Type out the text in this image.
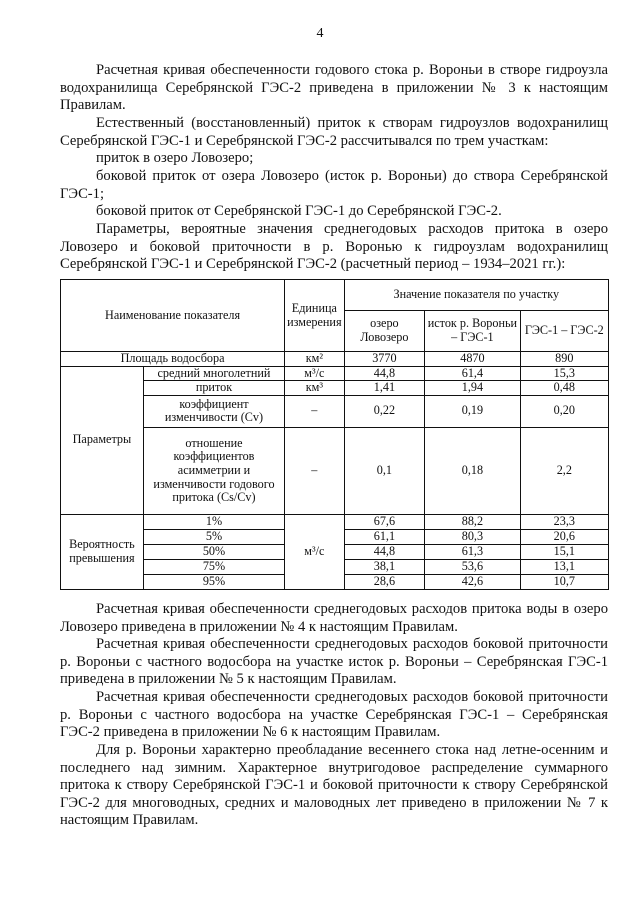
4

Расчетная кривая обеспеченности годового стока р. Вороньи в створе гидроузла водохранилища Серебрянской ГЭС-2 приведена в приложении № 3 к настоящим Правилам.

Естественный (восстановленный) приток к створам гидроузлов водохранилищ Серебрянской ГЭС-1 и Серебрянской ГЭС-2 рассчитывался по трем участкам:

приток в озеро Ловозеро;

боковой приток от озера Ловозеро (исток р. Вороньи) до створа Серебрянской ГЭС-1;

боковой приток от Серебрянской ГЭС-1 до Серебрянской ГЭС-2.

Параметры, вероятные значения среднегодовых расходов притока в озеро Ловозеро и боковой приточности в р. Воронью к гидроузлам водохранилищ Серебрянской ГЭС-1 и Серебрянской ГЭС-2 (расчетный период – 1934–2021 гг.):

Наименование показателя		Единица измерения	Значение показателя по участку		
			озеро Ловозеро	исток р. Вороньи – ГЭС-1	ГЭС-1 – ГЭС-2
Площадь водосбора		км²	3770	4870	890
Параметры	средний многолетний	м³/с	44,8	61,4	15,3
	приток	км³	1,41	1,94	0,48
	коэффициент изменчивости (Cv)	–	0,22	0,19	0,20
	отношение коэффициентов асимметрии и изменчивости годового притока (Cs/Cv)	–	0,1	0,18	2,2
Вероятность превышения	1%	м³/с	67,6	88,2	23,3
	5%		61,1	80,3	20,6
	50%		44,8	61,3	15,1
	75%		38,1	53,6	13,1
	95%		28,6	42,6	10,7

Расчетная кривая обеспеченности среднегодовых расходов притока воды в озеро Ловозеро приведена в приложении № 4 к настоящим Правилам.

Расчетная кривая обеспеченности среднегодовых расходов боковой приточности р. Вороньи с частного водосбора на участке исток р. Вороньи – Серебрянская ГЭС-1 приведена в приложении № 5 к настоящим Правилам.

Расчетная кривая обеспеченности среднегодовых расходов боковой приточности р. Вороньи с частного водосбора на участке Серебрянская ГЭС-1 – Серебрянская ГЭС-2 приведена в приложении № 6 к настоящим Правилам.

Для р. Вороньи характерно преобладание весеннего стока над летне-осенним и последнего над зимним. Характерное внутригодовое распределение суммарного притока к створу Серебрянской ГЭС-1 и боковой приточности к створу Серебрянской ГЭС-2 для многоводных, средних и маловодных лет приведено в приложении № 7 к настоящим Правилам.
